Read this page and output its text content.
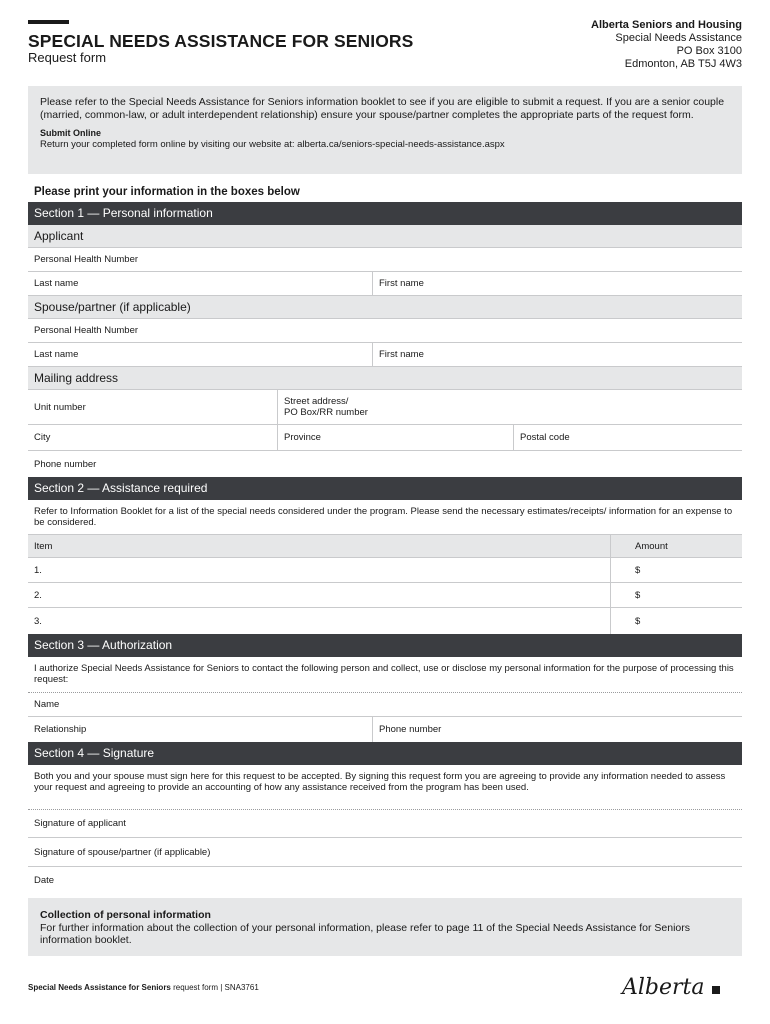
SPECIAL NEEDS ASSISTANCE FOR SENIORS
Request form
Alberta Seniors and Housing
Special Needs Assistance
PO Box 3100
Edmonton, AB T5J 4W3
Please refer to the Special Needs Assistance for Seniors information booklet to see if you are eligible to submit a request. If you are a senior couple (married, common-law, or adult interdependent relationship) ensure your spouse/partner completes the appropriate parts of the request form.
Submit Online
Return your completed form online by visiting our website at: alberta.ca/seniors-special-needs-assistance.aspx
Please print your information in the boxes below
Section 1 — Personal information
Applicant
Personal Health Number
Last name	First name
Spouse/partner (if applicable)
Personal Health Number
Last name	First name
Mailing address
Unit number	Street address/
PO Box/RR number
City	Province	Postal code
Phone number
Section 2 — Assistance required
Refer to Information Booklet for a list of the special needs considered under the program. Please send the necessary estimates/receipts/ information for an expense to be considered.
Item	Amount
1.	$
2.	$
3.	$
Section 3 — Authorization
I authorize Special Needs Assistance for Seniors to contact the following person and collect, use or disclose my personal information for the purpose of processing this request:
Name
Relationship	Phone number
Section 4 — Signature
Both you and your spouse must sign here for this request to be accepted. By signing this request form you are agreeing to provide any information needed to assess your request and agreeing to provide an accounting of how any assistance received from the program has been used.
Signature of applicant
Signature of spouse/partner (if applicable)
Date
Collection of personal information
For further information about the collection of your personal information, please refer to page 11 of the Special Needs Assistance for Seniors information booklet.
Special Needs Assistance for Seniors request form | SNA3761	Alberta
